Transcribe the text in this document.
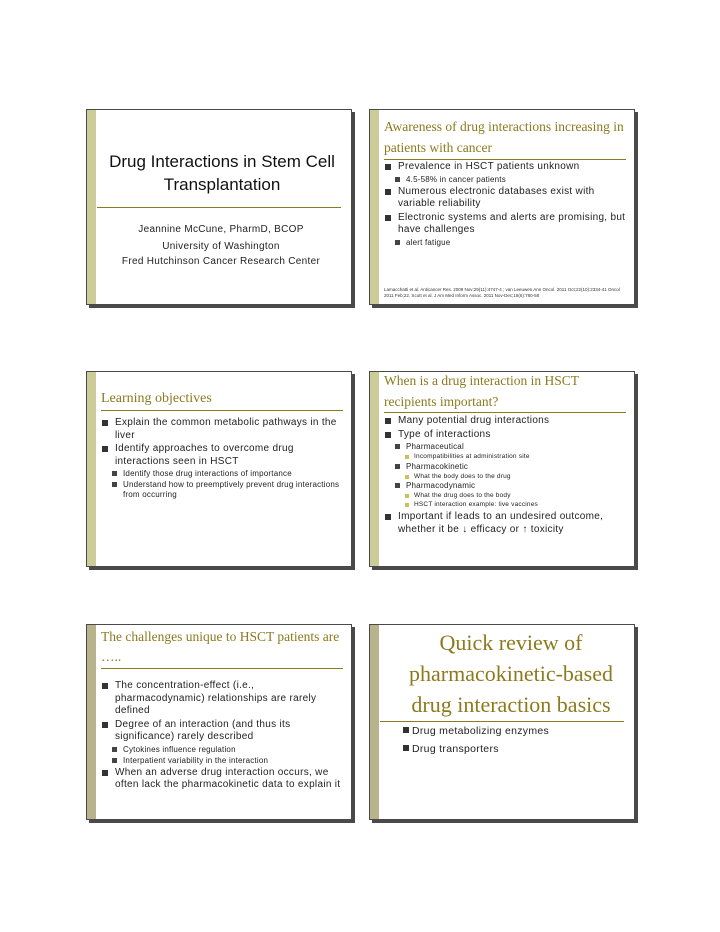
Drug Interactions in Stem Cell Transplantation
Jeannine McCune, PharmD, BCOP
University of Washington
Fred Hutchinson Cancer Research Center
Awareness of drug interactions increasing in patients with cancer
Prevalence in HSCT patients unknown
4.5-58% in cancer patients
Numerous electronic databases exist with variable reliability
Electronic systems and alerts are promising, but have challenges
alert fatigue
Lamacchatti et al. Anticancer Res. 2009 Nov;29(11):4747-4 ; van Leeuwen Ann Oncol. 2011 Oct;22(10):2334-41 Oncol 2011 Feb;22, Scott et al. J Am Med Inform Assoc. 2011 Nov-Dec;18(6):780-58
Learning objectives
Explain the common metabolic pathways in the liver
Identify approaches to overcome drug interactions seen in HSCT
Identify those drug interactions of importance
Understand how to preemptively prevent drug interactions from occurring
When is a drug interaction in HSCT recipients important?
Many potential drug interactions
Type of interactions
Pharmaceutical
Incompatibilities at administration site
Pharmacokinetic
What the body does to the drug
Pharmacodynamic
What the drug does to the body
HSCT interaction example: live vaccines
Important if leads to an undesired outcome, whether it be ↓ efficacy or ↑ toxicity
The challenges unique to HSCT patients are …..
The concentration-effect (i.e., pharmacodynamic) relationships are rarely defined
Degree of an interaction (and thus its significance) rarely described
Cytokines influence regulation
Interpatient variability in the interaction
When an adverse drug interaction occurs, we often lack the pharmacokinetic data to explain it
Quick review of pharmacokinetic-based drug interaction basics
Drug metabolizing enzymes
Drug transporters
